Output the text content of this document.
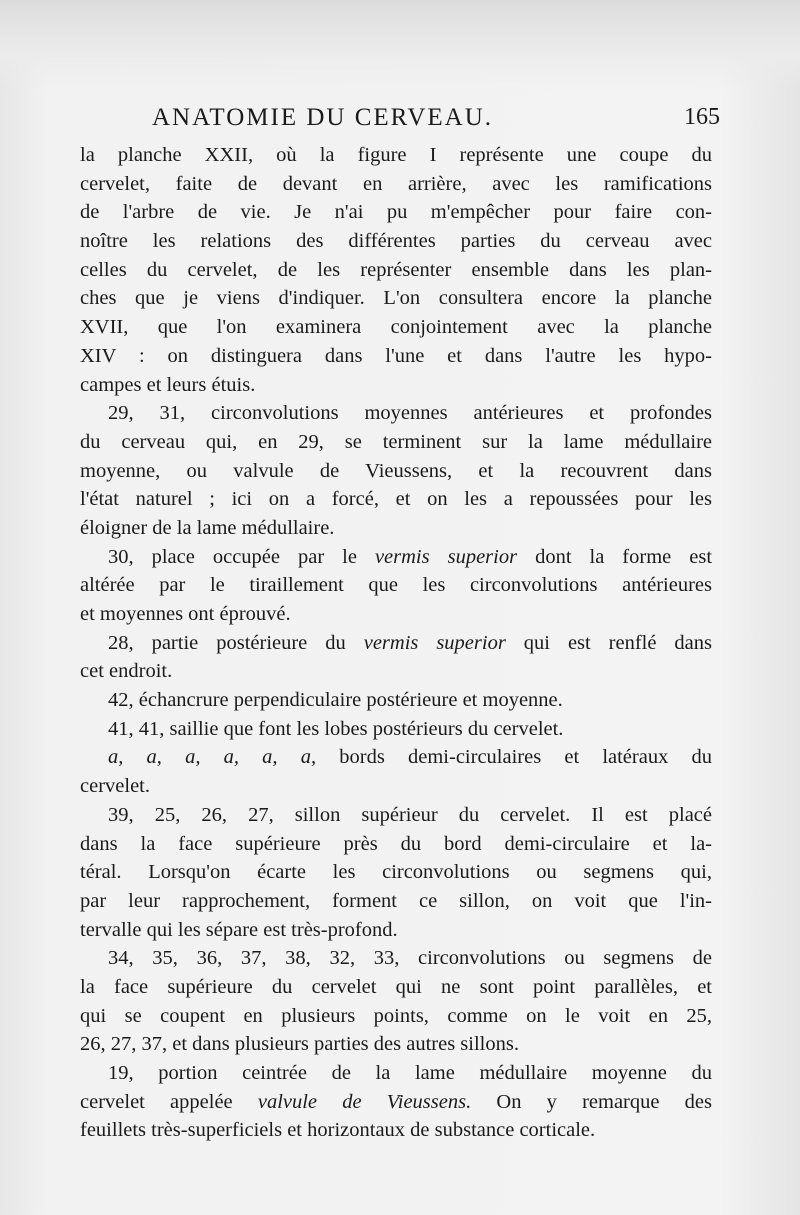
ANATOMIE DU CERVEAU.	165
la planche XXII, où la figure I représente une coupe du
cervelet, faite de devant en arrière, avec les ramifications
de l'arbre de vie. Je n'ai pu m'empêcher pour faire con-
noître les relations des différentes parties du cerveau avec
celles du cervelet, de les représenter ensemble dans les plan-
ches que je viens d'indiquer. L'on consultera encore la planche
XVII, que l'on examinera conjointement avec la planche
XIV : on distinguera dans l'une et dans l'autre les hypo-
campes et leurs étuis.
29, 31, circonvolutions moyennes antérieures et profondes
du cerveau qui, en 29, se terminent sur la lame médullaire
moyenne, ou valvule de Vieussens, et la recouvrent dans
l'état naturel ; ici on a forcé, et on les a repoussées pour les
éloigner de la lame médullaire.
30, place occupée par le vermis superior dont la forme est
altérée par le tiraillement que les circonvolutions antérieures
et moyennes ont éprouvé.
28, partie postérieure du vermis superior qui est renflé dans
cet endroit.
42, échancrure perpendiculaire postérieure et moyenne.
41, 41, saillie que font les lobes postérieurs du cervelet.
a, a, a, a, a, a, bords demi-circulaires et latéraux du
cervelet.
39, 25, 26, 27, sillon supérieur du cervelet. Il est placé
dans la face supérieure près du bord demi-circulaire et la-
téral. Lorsqu'on écarte les circonvolutions ou segmens qui,
par leur rapprochement, forment ce sillon, on voit que l'in-
tervalle qui les sépare est très-profond.
34, 35, 36, 37, 38, 32, 33, circonvolutions ou segmens de
la face supérieure du cervelet qui ne sont point parallèles, et
qui se coupent en plusieurs points, comme on le voit en 25,
26, 27, 37, et dans plusieurs parties des autres sillons.
19, portion ceintrée de la lame médullaire moyenne du
cervelet appelée valvule de Vieussens. On y remarque des
feuillets très-superficiels et horizontaux de substance corticale.
